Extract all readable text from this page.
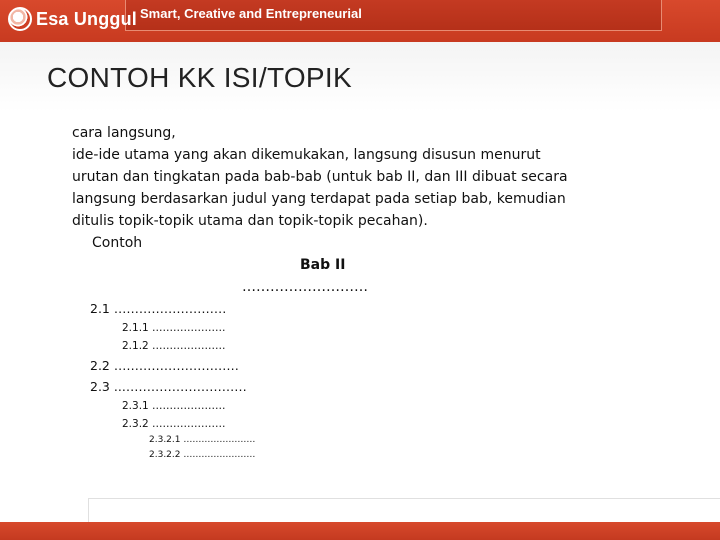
Esa Unggul Smart, Creative and Entrepreneurial
CONTOH KK ISI/TOPIK

cara langsung,

ide-ide utama yang akan dikemukakan, langsung disusun menurut

urutan dan tingkatan pada bab-bab (untuk bab II, dan III dibuat secara

langsung berdasarkan judul yang terdapat pada setiap bab, kemudian

ditulis topik-topik utama dan topik-topik pecahan).

Contoh

Bab II

………………………

2.1 ………………………
2.1.1 …………………
2.1.2 …………………
2.2 …………………………
2.3 ..…………………………
2.3.1 …………………
2.3.2 …………………
2.3.2.1 ……………………
2.3.2.2 ……………………
